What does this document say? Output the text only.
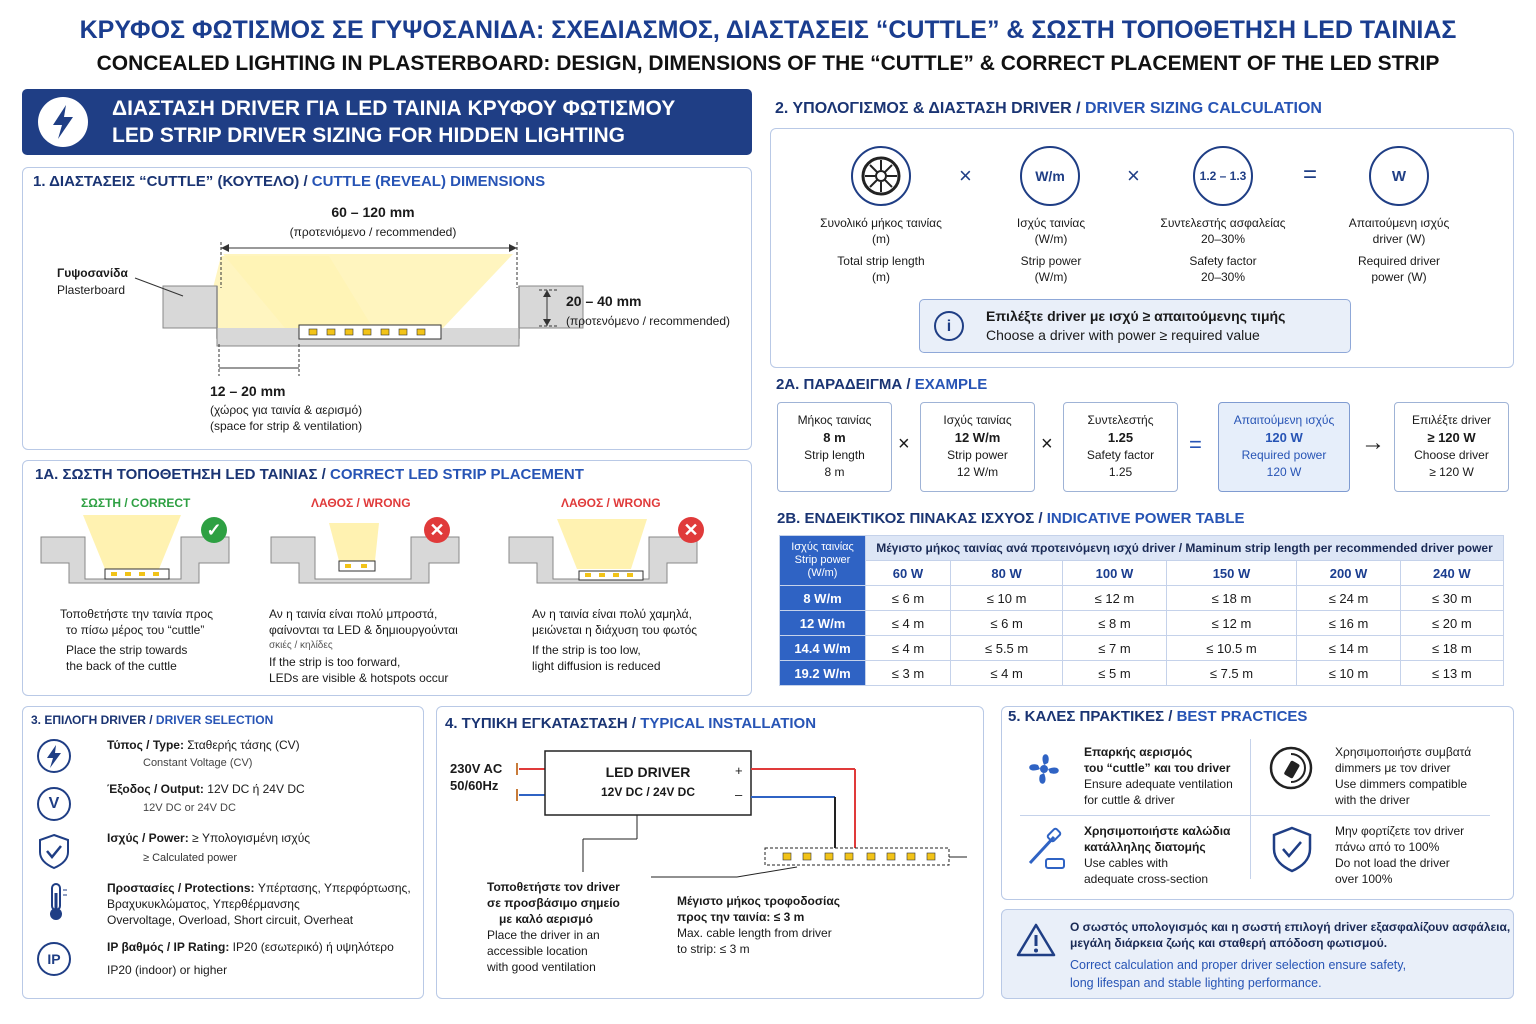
ΚΡΥΦΟΣ ΦΩΤΙΣΜΟΣ ΣΕ ΓΥΨΟΣΑΝΙΔΑ: ΣΧΕΔΙΑΣΜΟΣ, ΔΙΑΣΤΑΣΕΙΣ “CUTTLE” & ΣΩΣΤΗ ΤΟΠΟΘΕΤΗΣΗ LED ΤΑΙΝΙΑΣ
CONCEALED LIGHTING IN PLASTERBOARD: DESIGN, DIMENSIONS OF THE “CUTTLE” & CORRECT PLACEMENT OF THE LED STRIP
ΔΙΑΣΤΑΣΗ DRIVER ΓΙΑ LED ΤΑΙΝΙΑ ΚΡΥΦΟΥ ΦΩΤΙΣΜΟΥ
LED STRIP DRIVER SIZING FOR HIDDEN LIGHTING
1. ΔΙΑΣΤΑΣΕΙΣ “CUTTLE” (ΚΟΥΤΕΛΟ) / CUTTLE (REVEAL) DIMENSIONS
60 – 120 mm
(προτενιόμενο / recommended)
Γυψοσανίδα
Plasterboard
20 – 40 mm
(προτενόμενο / recommended)
12 – 20 mm
(χώρος για ταινία & αερισμό)
(space for strip & ventilation)
1Α. ΣΩΣΤΗ ΤΟΠΟΘΕΤΗΣΗ LED ΤΑΙΝΙΑΣ / CORRECT LED STRIP PLACEMENT
ΣΩΣΤΗ / CORRECT	ΛΑΘΟΣ / WRONG	ΛΑΘΟΣ / WRONG
✓	✕	✕
Τοποθετήστε την ταινία προς
το πίσω μέρος του “cuttle”
Place the strip towards
the back of the cuttle
Αν η ταινία είναι πολύ μπροστά,
φαίνονται τα LED & δημιουργούνται
σκιές / κηλίδες
If the strip is too forward,
LEDs are visible & hotspots occur
Αν η ταινία είναι πολύ χαμηλά,
μειώνεται η διάχυση του φωτός
If the strip is too low,
light diffusion is reduced
2. ΥΠΟΛΟΓΙΣΜΟΣ & ΔΙΑΣΤΑΣΗ DRIVER / DRIVER SIZING CALCULATION
×	W/m	×	1.2 – 1.3 =	W
Συνολικό μήκος ταινίας
(m)
Total strip length
(m)
Ισχύς ταινίας
(W/m)
Strip power
(W/m)
Συντελεστής ασφαλείας
20–30%
Safety factor
20–30%
Απαιτούμενη ισχύς
driver (W)
Required driver
power (W)
i
Επιλέξτε driver με ισχύ ≥ απαιτούμενης τιμής
Choose a driver with power ≥ required value
2Α. ΠΑΡΑΔΕΙΓΜΑ / EXAMPLE
Μήκος ταινίας
8 m
Strip length
8 m
×
Ισχύς ταινίας
12 W/m
Strip power
12 W/m
×
Συντελεστής
1.25
Safety factor
1.25
=
Απαιτούμενη ισχύς
120 W
Required power
120 W
→
Επιλέξτε driver
≥ 120 W
Choose driver
≥ 120 W
2Β. ΕΝΔΕΙΚΤΙΚΟΣ ΠΙΝΑΚΑΣ ΙΣΧΥΟΣ / INDICATIVE POWER TABLE
Ισχύς ταινίας Strip power (W/m)	Μέγιστο μήκος ταινίας ανά προτεινόμενη ισχύ driver / Maminum strip length per recommended driver power					
	60 W	80 W	100 W	150 W	200 W	240 W
8 W/m	≤ 6 m	≤ 10 m	≤ 12 m	≤ 18 m	≤ 24 m	≤ 30 m
12 W/m	≤ 4 m	≤ 6 m	≤ 8 m	≤ 12 m	≤ 16 m	≤ 20 m
14.4 W/m	≤ 4 m	≤ 5.5 m	≤ 7 m	≤ 10.5 m	≤ 14 m	≤ 18 m
19.2 W/m	≤ 3 m	≤ 4 m	≤ 5 m	≤ 7.5 m	≤ 10 m	≤ 13 m
3. ΕΠΙΛΟΓΗ DRIVER / DRIVER SELECTION
Τύπος / Type: Σταθερής τάσης (CV)
Constant Voltage (CV)
V
Έξοδος / Output: 12V DC ή 24V DC
12V DC or 24V DC
Ισχύς / Power: ≥ Υπολογισμένη ισχύς
≥ Calculated power
Προστασίες / Protections: Υπέρτασης, Υπερφόρτωσης,
Βραχυκυκλώματος, Υπερθέρμανσης
Overvoltage, Overload, Short circuit, Overheat
IP
IP βαθμός / IP Rating: IP20 (εσωτερικό) ή υψηλότερο
IP20 (indoor) or higher
4. ΤΥΠΙΚΗ ΕΓΚΑΤΑΣΤΑΣΗ / TYPICAL INSTALLATION
230V AC
50/60Hz
LED DRIVER
12V DC / 24V DC
+
–
Τοποθετήστε τον driver
σε προσβάσιμο σημείο
με καλό αερισμό
Place the driver in an
accessible location
with good ventilation
Μέγιστο μήκος τροφοδοσίας
προς την ταινία: ≤ 3 m
Max. cable length from driver
to strip: ≤ 3 m
5. ΚΑΛΕΣ ΠΡΑΚΤΙΚΕΣ / BEST PRACTICES
Επαρκής αερισμός
του “cuttle” και του driver
Ensure adequate ventilation
for cuttle & driver
Χρησιμοποιήστε συμβατά
dimmers με τον driver
Use dimmers compatible
with the driver
Χρησιμοποιήστε καλώδια
κατάλληλης διατομής
Use cables with
adequate cross-section
Μην φορτίζετε τον driver
πάνω από το 100%
Do not load the driver
over 100%
Ο σωστός υπολογισμός και η σωστή επιλογή driver εξασφαλίζουν ασφάλεια,
μεγάλη διάρκεια ζωής και σταθερή απόδοση φωτισμού.
Correct calculation and proper driver selection ensure safety,
long lifespan and stable lighting performance.
